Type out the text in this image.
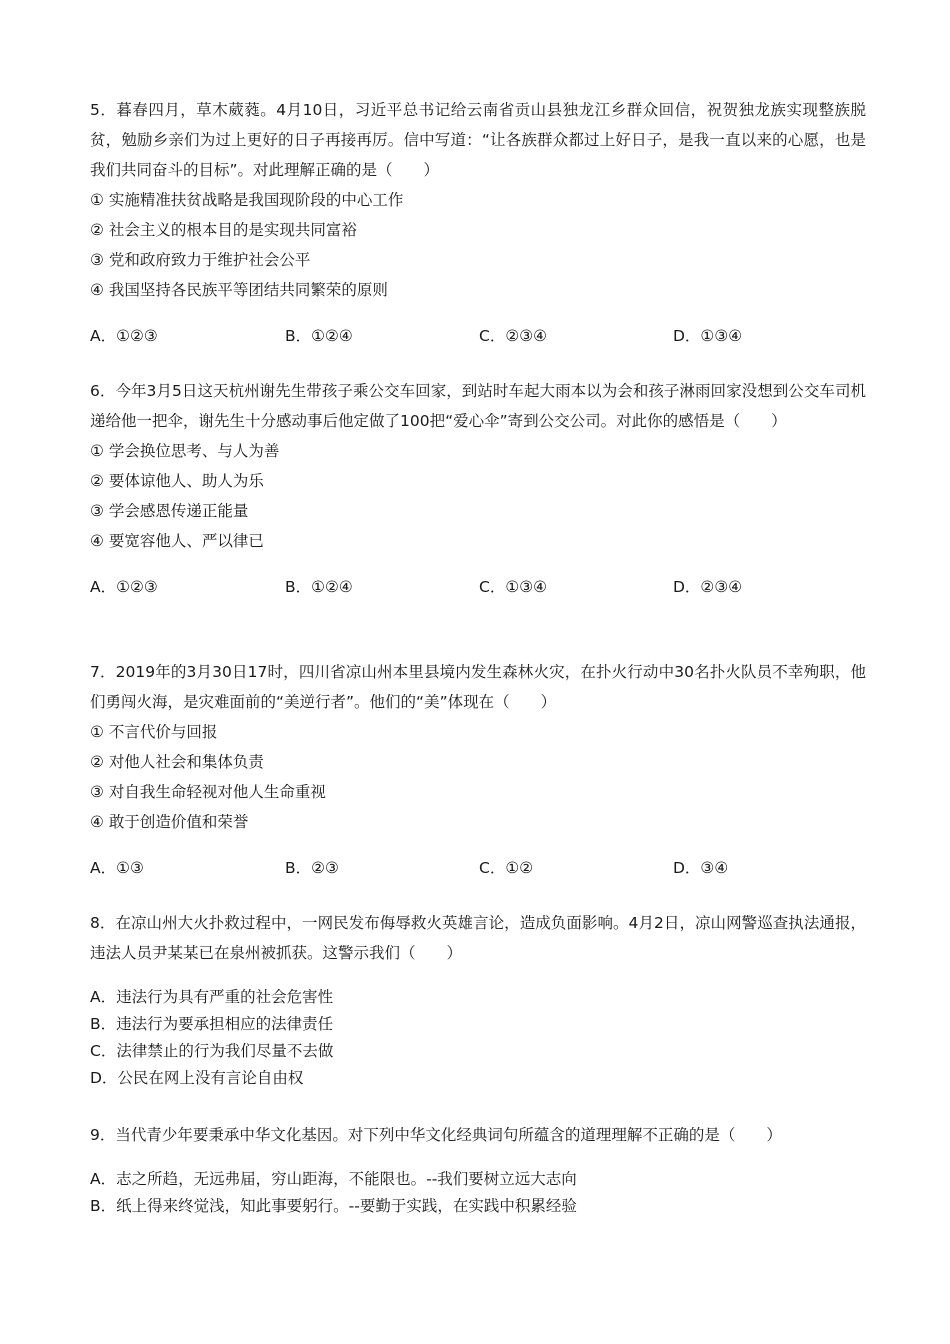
5．暮春四月，草木葳蕤。4月10日，习近平总书记给云南省贡山县独龙江乡群众回信，祝贺独龙族实现整族脱贫，勉励乡亲们为过上更好的日子再接再厉。信中写道：“让各族群众都过上好日子，是我一直以来的心愿，也是我们共同奋斗的目标”。对此理解正确的是（　　）

① 实施精准扶贫战略是我国现阶段的中心工作

② 社会主义的根本目的是实现共同富裕

③ 党和政府致力于维护社会公平

④ 我国坚持各民族平等团结共同繁荣的原则

A．①②③	B．①②④	C．②③④	D．①③④

6．今年3月5日这天杭州谢先生带孩子乘公交车回家，到站时车起大雨本以为会和孩子淋雨回家没想到公交车司机递给他一把伞，谢先生十分感动事后他定做了100把“爱心伞”寄到公交公司。对此你的感悟是（　　）

① 学会换位思考、与人为善

② 要体谅他人、助人为乐

③ 学会感恩传递正能量

④ 要宽容他人、严以律已

A．①②③	B．①②④	C．①③④	D．②③④

7．2019年的3月30日17时，四川省凉山州本里县境内发生森林火灾，在扑火行动中30名扑火队员不幸殉职，他们勇闯火海，是灾难面前的“美逆行者”。他们的“美”体现在（　　）

① 不言代价与回报

② 对他人社会和集体负责

③ 对自我生命轻视对他人生命重视

④ 敢于创造价值和荣誉

A．①③	B．②③	C．①②	D．③④

8．在凉山州大火扑救过程中，一网民发布侮辱救火英雄言论，造成负面影响。4月2日，凉山网警巡查执法通报，违法人员尹某某已在泉州被抓获。这警示我们（　　）

A．违法行为具有严重的社会危害性

B．违法行为要承担相应的法律责任

C．法律禁止的行为我们尽量不去做

D．公民在网上没有言论自由权

9．当代青少年要秉承中华文化基因。对下列中华文化经典词句所蕴含的道理理解不正确的是（　　）

A．志之所趋，无远弗届，穷山距海，不能限也。--我们要树立远大志向

B．纸上得来终觉浅，知此事要躬行。--要勤于实践，在实践中积累经验
